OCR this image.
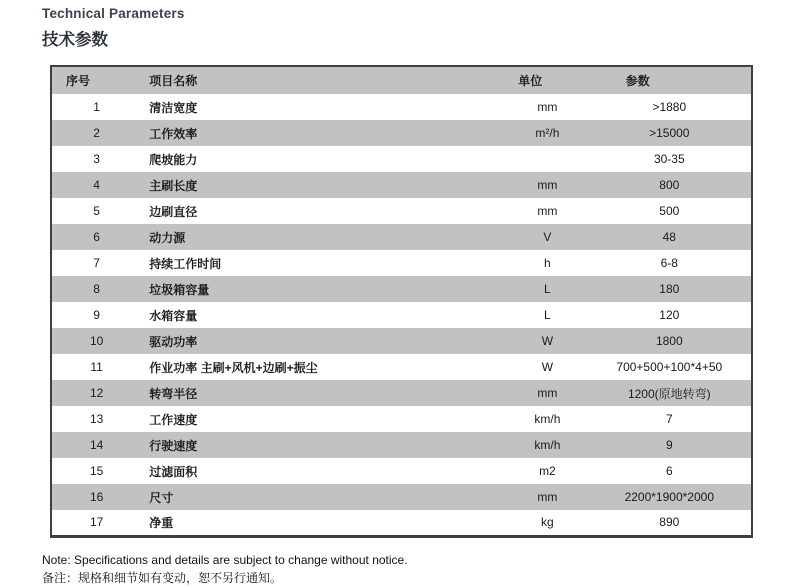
Technical Parameters
技术参数
序号	项目名称	单位	参数
1	清洁宽度	mm	>1880
2	工作效率	m²/h	>15000
3	爬坡能力		30-35
4	主刷长度	mm	800
5	边刷直径	mm	500
6	动力源	V	48
7	持续工作时间	h	6-8
8	垃圾箱容量	L	180
9	水箱容量	L	120
10	驱动功率	W	1800
11	作业功率 主刷+风机+边刷+振尘	W	700+500+100*4+50
12	转弯半径	mm	1200(原地转弯)
13	工作速度	km/h	7
14	行驶速度	km/h	9
15	过滤面积	m2	6
16	尺寸	mm	2200*1900*2000
17	净重	kg	890
Note: Specifications and details are subject to change without notice.
备注：规格和细节如有变动，恕不另行通知。
